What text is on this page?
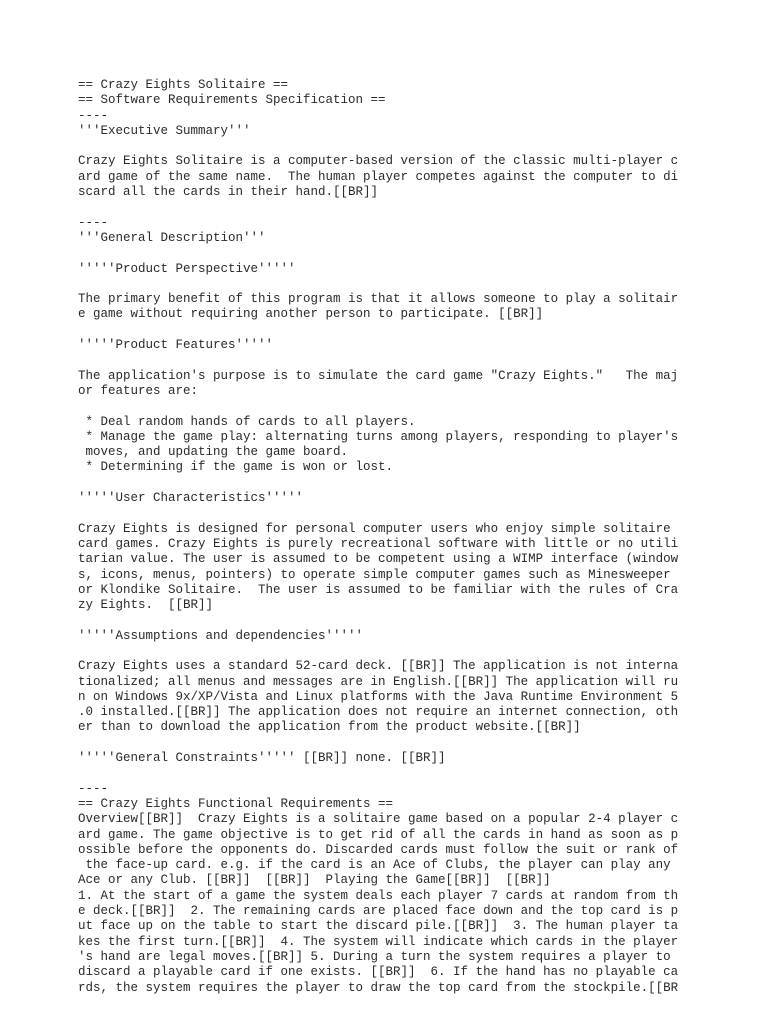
== Crazy Eights Solitaire ==
== Software Requirements Specification ==
----
'''Executive Summary'''
Crazy Eights Solitaire is a computer-based version of the classic multi-player c
ard game of the same name.  The human player competes against the computer to di
scard all the cards in their hand.[[BR]]
----
'''General Description'''
'''''Product Perspective'''''
The primary benefit of this program is that it allows someone to play a solitair
e game without requiring another person to participate. [[BR]]
'''''Product Features'''''
The application's purpose is to simulate the card game "Crazy Eights."   The maj
or features are:
* Deal random hands of cards to all players.
* Manage the game play: alternating turns among players, responding to player's
moves, and updating the game board.
* Determining if the game is won or lost.
'''''User Characteristics'''''
Crazy Eights is designed for personal computer users who enjoy simple solitaire
card games. Crazy Eights is purely recreational software with little or no utili
tarian value. The user is assumed to be competent using a WIMP interface (window
s, icons, menus, pointers) to operate simple computer games such as Minesweeper
or Klondike Solitaire.  The user is assumed to be familiar with the rules of Cra
zy Eights.  [[BR]]
'''''Assumptions and dependencies'''''
Crazy Eights uses a standard 52-card deck. [[BR]] The application is not interna
tionalized; all menus and messages are in English.[[BR]] The application will ru
n on Windows 9x/XP/Vista and Linux platforms with the Java Runtime Environment 5
.0 installed.[[BR]] The application does not require an internet connection, oth
er than to download the application from the product website.[[BR]]
'''''General Constraints''''' [[BR]] none. [[BR]]
----
== Crazy Eights Functional Requirements ==
Overview[[BR]]  Crazy Eights is a solitaire game based on a popular 2-4 player c
ard game. The game objective is to get rid of all the cards in hand as soon as p
ossible before the opponents do. Discarded cards must follow the suit or rank of
the face-up card. e.g. if the card is an Ace of Clubs, the player can play any
Ace or any Club. [[BR]]  [[BR]]  Playing the Game[[BR]]  [[BR]]
1. At the start of a game the system deals each player 7 cards at random from th
e deck.[[BR]]  2. The remaining cards are placed face down and the top card is p
ut face up on the table to start the discard pile.[[BR]]  3. The human player ta
kes the first turn.[[BR]]  4. The system will indicate which cards in the player
's hand are legal moves.[[BR]] 5. During a turn the system requires a player to
discard a playable card if one exists. [[BR]]  6. If the hand has no playable ca
rds, the system requires the player to draw the top card from the stockpile.[[BR
